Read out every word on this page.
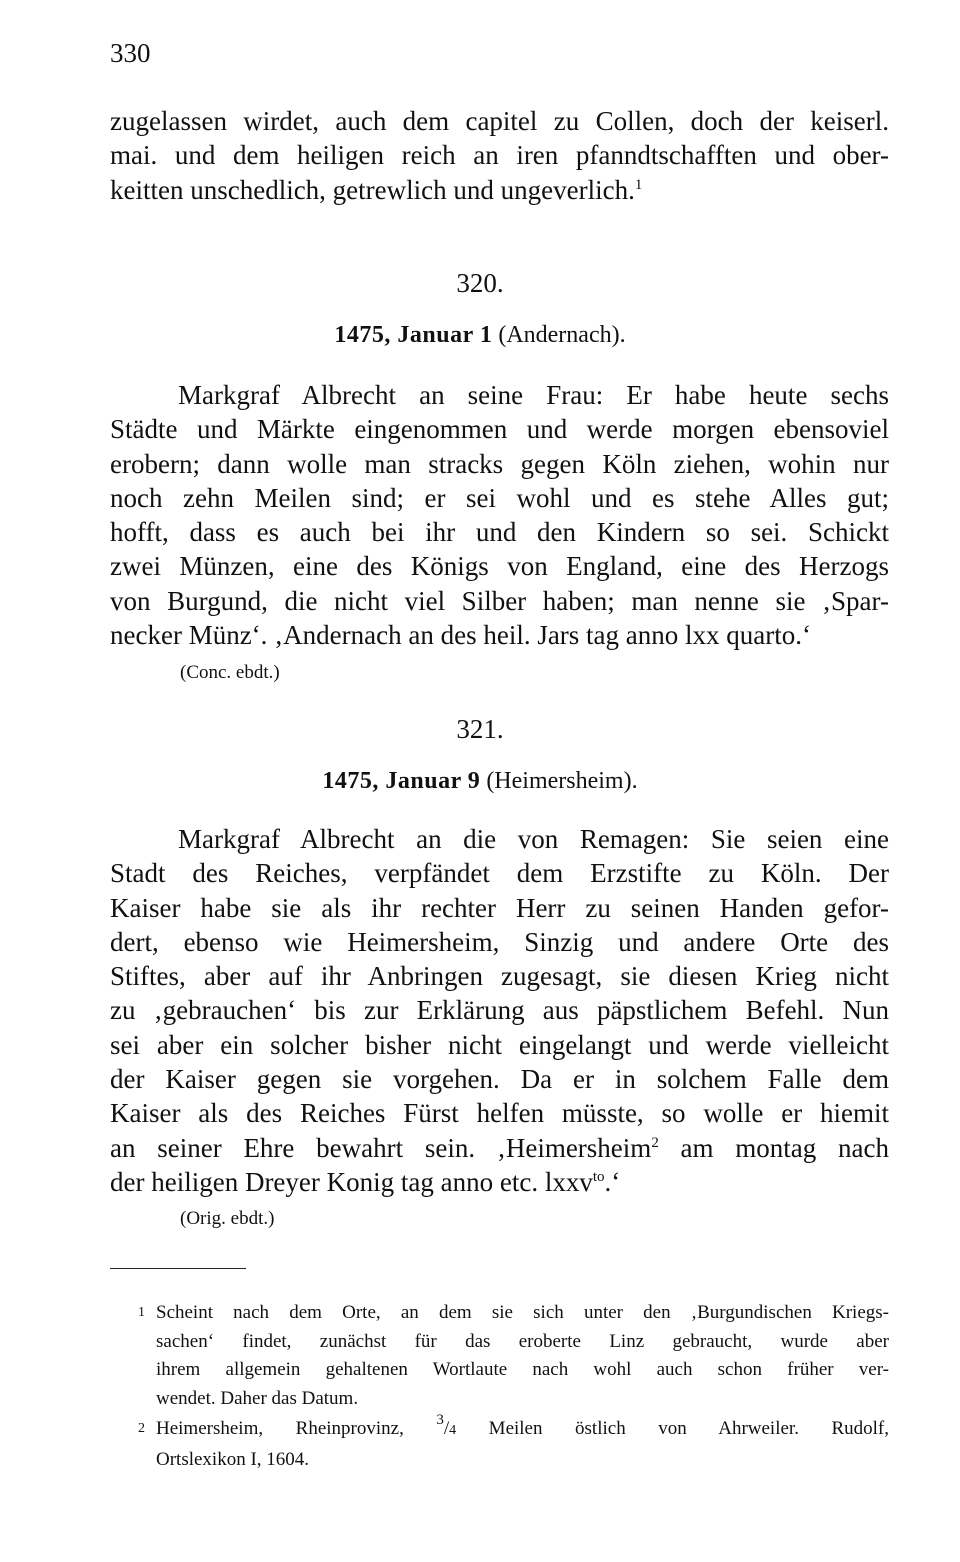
330
zugelassen wirdet, auch dem capitel zu Collen, doch der keiserl.
mai. und dem heiligen reich an iren pfanndtschafften und ober-
keitten unschedlich, getrewlich und ungeverlich.$^1$
320.
1475, Januar 1 (Andernach).
Markgraf Albrecht an seine Frau: Er habe heute sechs
Städte und Märkte eingenommen und werde morgen ebensoviel
erobern; dann wolle man stracks gegen Köln ziehen, wohin nur
noch zehn Meilen sind; er sei wohl und es stehe Alles gut;
hofft, dass es auch bei ihr und den Kindern so sei. Schickt
zwei Münzen, eine des Königs von England, eine des Herzogs
von Burgund, die nicht viel Silber haben; man nenne sie ‚Spar-
necker Münz‘. ‚Andernach an des heil. Jars tag anno lxx quarto.‘
(Conc. ebdt.)
321.
1475, Januar 9 (Heimersheim).
Markgraf Albrecht an die von Remagen: Sie seien eine
Stadt des Reiches, verpfändet dem Erzstifte zu Köln. Der
Kaiser habe sie als ihr rechter Herr zu seinen Handen gefor-
dert, ebenso wie Heimersheim, Sinzig und andere Orte des
Stiftes, aber auf ihr Anbringen zugesagt, sie diesen Krieg nicht
zu ‚gebrauchen‘ bis zur Erklärung aus päpstlichem Befehl. Nun
sei aber ein solcher bisher nicht eingelangt und werde vielleicht
der Kaiser gegen sie vorgehen. Da er in solchem Falle dem
Kaiser als des Reiches Fürst helfen müsste, so wolle er hiemit
an seiner Ehre bewahrt sein. ‚Heimersheim$^2$ am montag nach
der heiligen Dreyer Konig tag anno etc. lxxv$^{to}$.‘
(Orig. ebdt.)
1 Scheint nach dem Orte, an dem sie sich unter den ‚Burgundischen Kriegs-
sachen‘ findet, zunächst für das eroberte Linz gebraucht, wurde aber
ihrem allgemein gehaltenen Wortlaute nach wohl auch schon früher ver-
wendet. Daher das Datum.
2 Heimersheim, Rheinprovinz, $^3$/4 Meilen östlich von Ahrweiler. Rudolf,
Ortslexikon I, 1604.
